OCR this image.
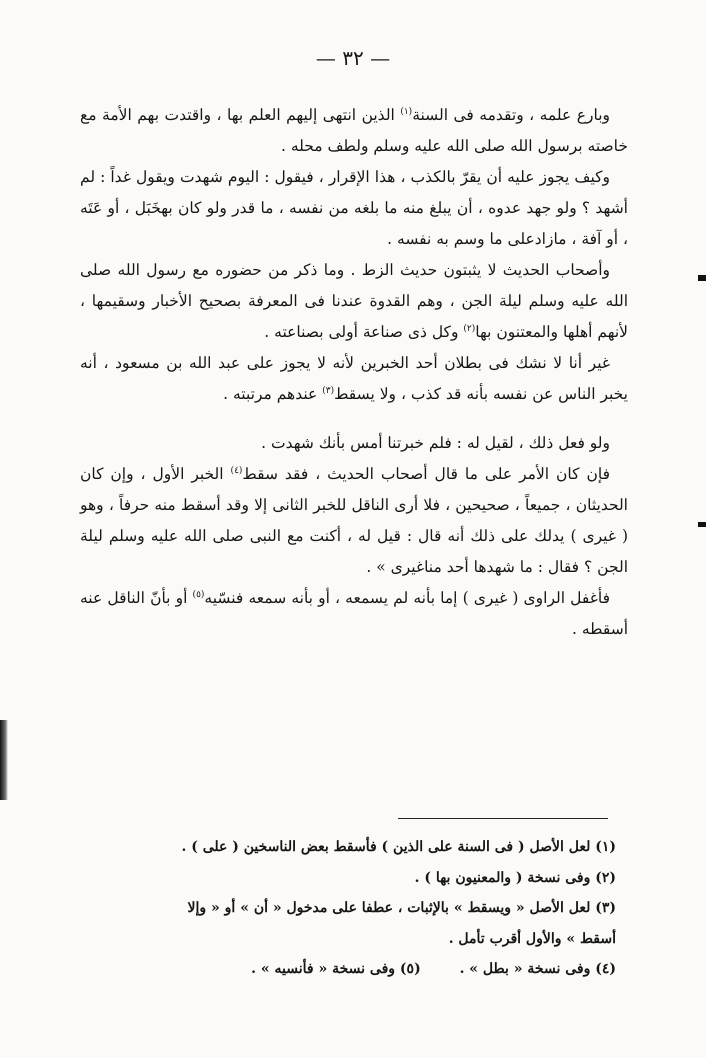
— ٣٢ —

وبارع علمه ، وتقدمه فى السنة$^{(١)}$ الذين انتهى إليهم العلم بها ، واقتدت بهم الأمة مع خاصته برسول الله صلى الله عليه وسلم ولطف محله .

وكيف يجوز عليه أن يقرّ بالكذب ، هذا الإقرار ، فيقول : اليوم شهدت ويقول غداً : لم أشهد ؟ ولو جهد عدوه ، أن يبلغ منه ما بلغه من نفسه ، ما قدر ولو كان بهخَبَل ، أو عَتَه ، أو آفة ، مازادعلى ما وسم به نفسه .

وأصحاب الحديث لا يثبتون حديث الزط . وما ذكر من حضوره مع رسول الله صلى الله عليه وسلم ليلة الجن ، وهم القدوة عندنا فى المعرفة بصحيح الأخبار وسقيمها ، لأنهم أهلها والمعتنون بها$^{(٢)}$ وكل ذى صناعة أولى بصناعته .

غير أنا لا نشك فى بطلان أحد الخبرين لأنه لا يجوز على عبد الله بن مسعود ، أنه يخبر الناس عن نفسه بأنه قد كذب ، ولا يسقط$^{(٣)}$ عندهم مرتبته .

ولو فعل ذلك ، لقيل له : فلم خبرتنا أمس بأنك شهدت .

فإن كان الأمر على ما قال أصحاب الحديث ، فقد سقط$^{(٤)}$ الخبر الأول ، وإن كان الحديثان ، جميعاً ، صحيحين ، فلا أرى الناقل للخبر الثانى إلا وقد أسقط منه حرفاً ، وهو ( غيرى ) يدلك على ذلك أنه قال : قيل له ، أكنت مع النبى صلى الله عليه وسلم ليلة الجن ؟ فقال : ما شهدها أحد مناغيرى » .

فأغفل الراوى ( غيرى ) إما بأنه لم يسمعه ، أو بأنه سمعه فنسّيه$^{(٥)}$ أو بأنّ الناقل عنه أسقطه .

(١) لعل الأصل ( فى السنة على الذين ) فأسقط بعض الناسخين ( على ) .
(٢) وفى نسخة ( والمعنيون بها ) .
(٣) لعل الأصل « ويسقط » بالإثبات ، عطفا على مدخول « أن » أو « وإلا
أسقط » والأول أقرب تأمل .
(٤) وفى نسخة « بطل » . (٥) وفى نسخة « فأنسيه » .
